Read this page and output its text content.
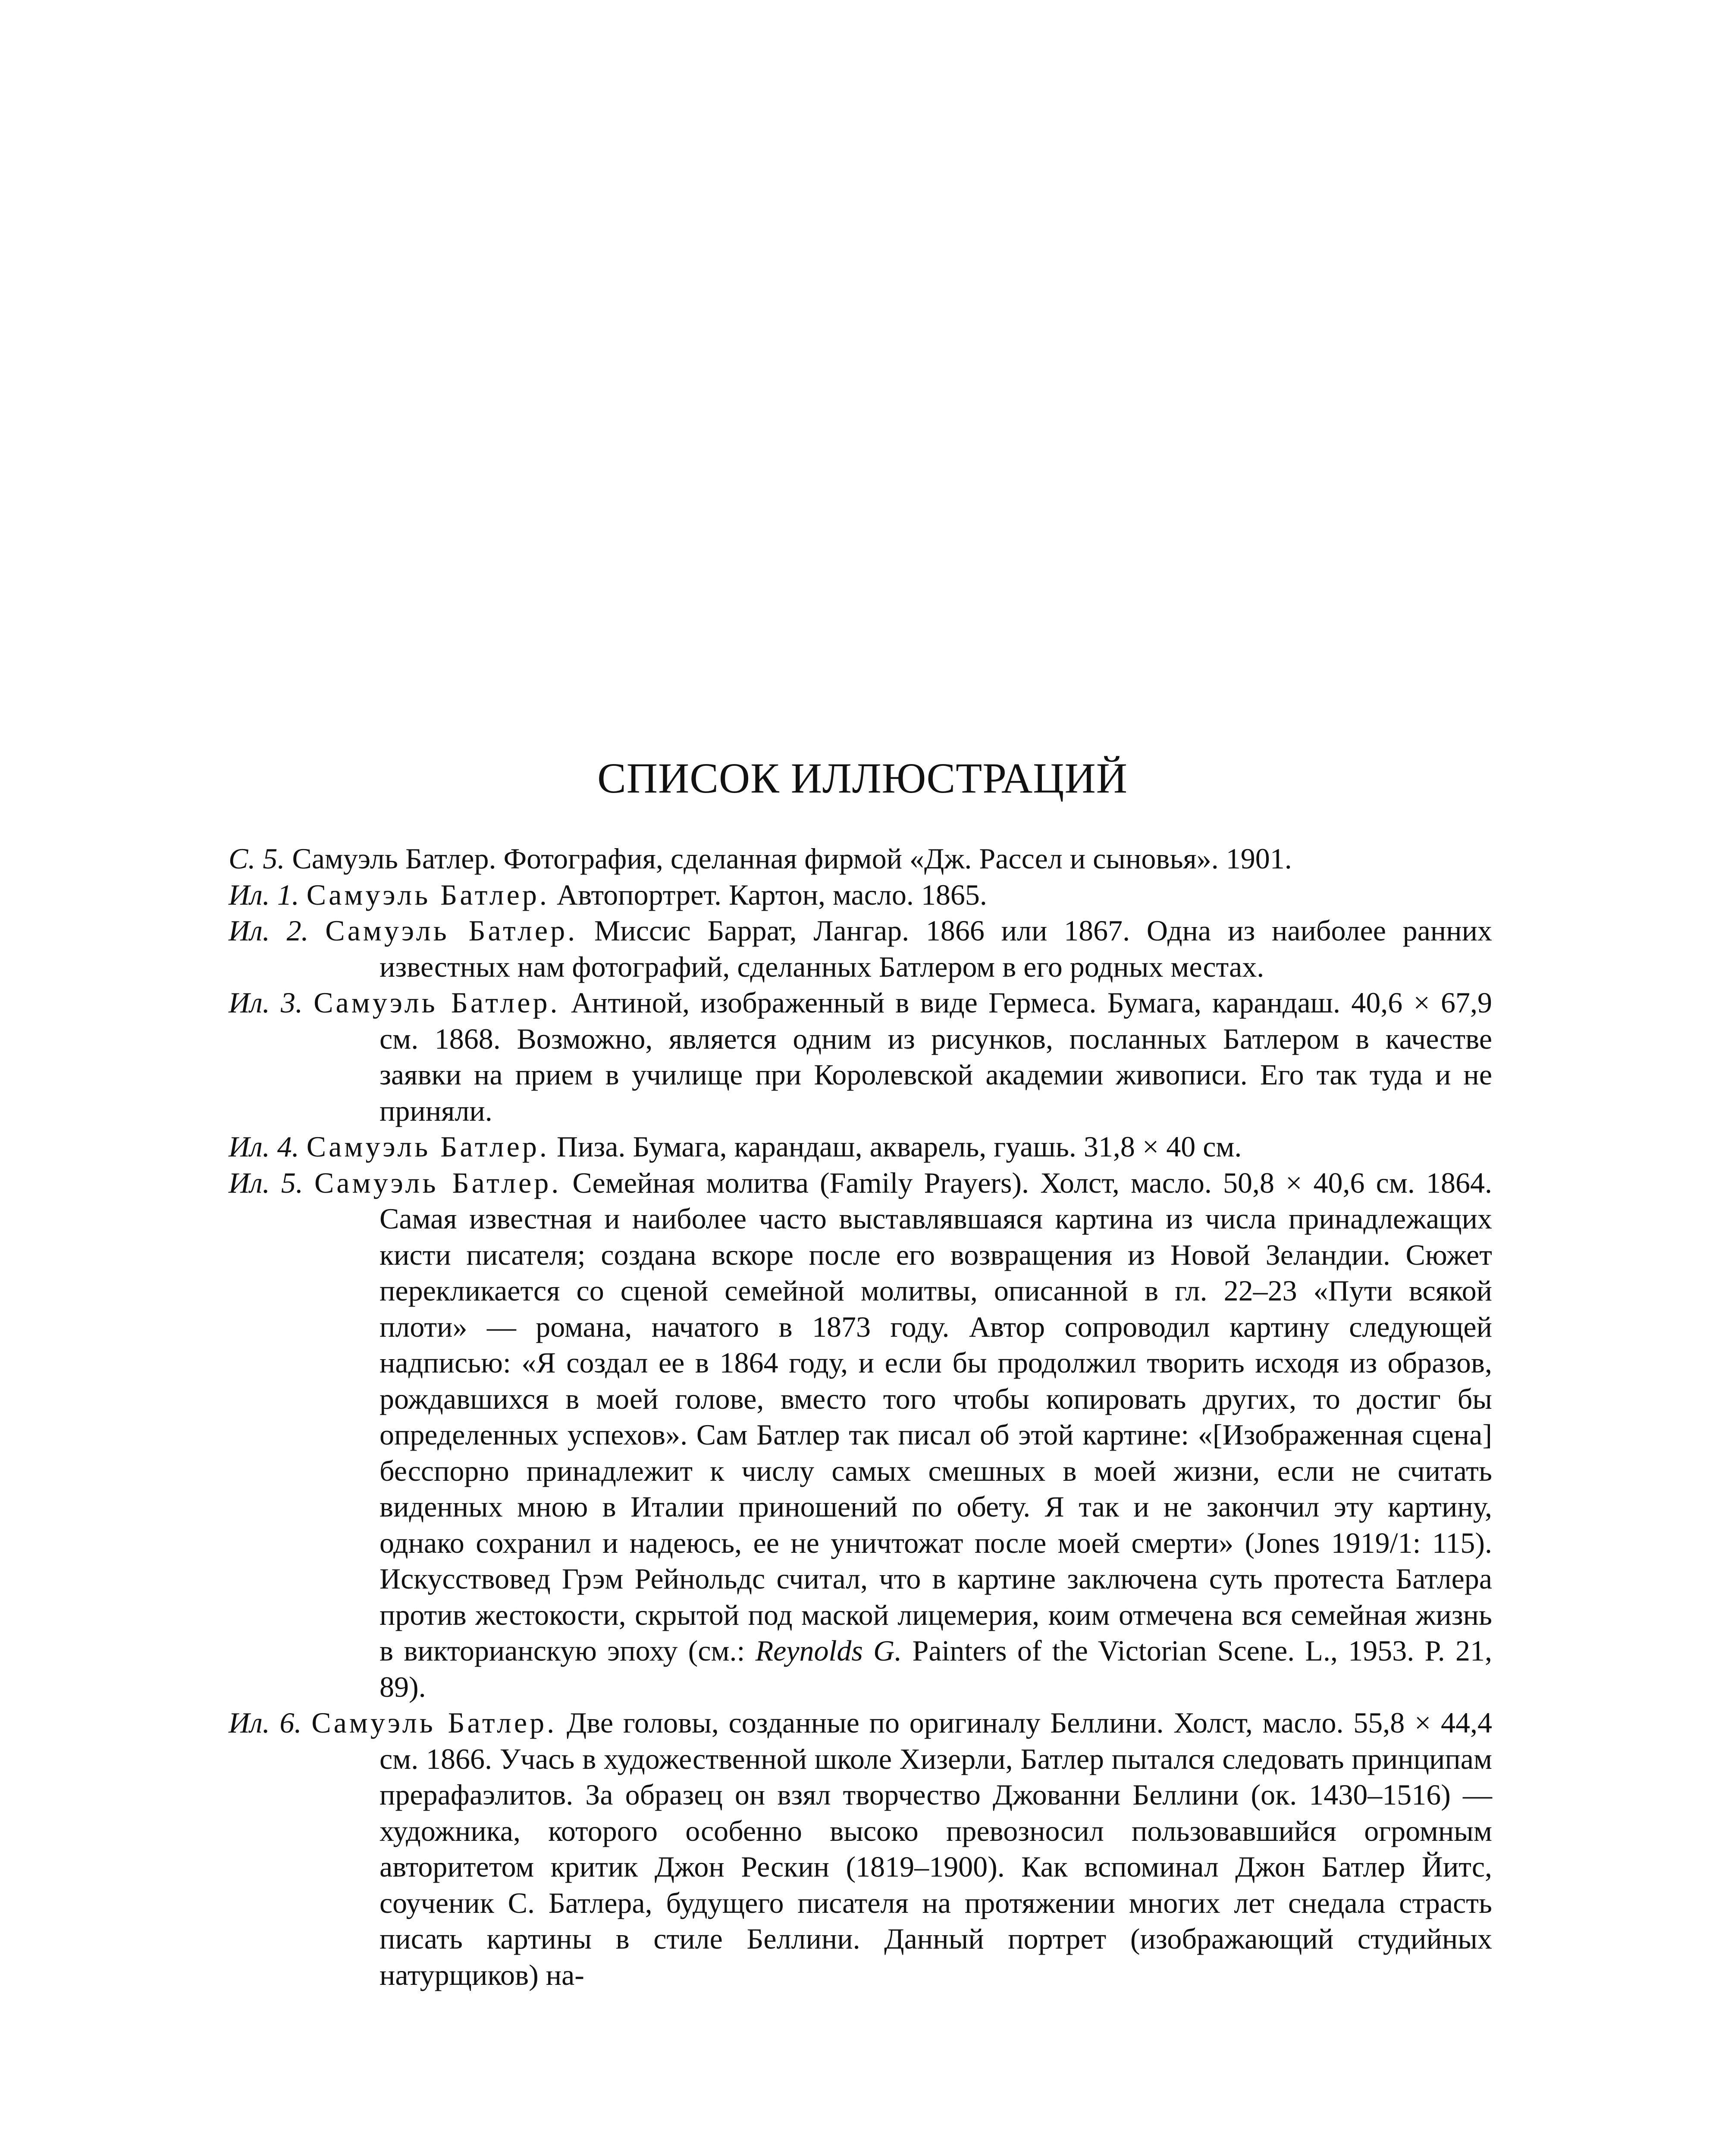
СПИСОК ИЛЛЮСТРАЦИЙ

С. 5. Самуэль Батлер. Фотография, сделанная фирмой «Дж. Рассел и сыновья». 1901.

Ил. 1. Самуэль Батлер. Автопортрет. Картон, масло. 1865.

Ил. 2. Самуэль Батлер. Миссис Баррат, Лангар. 1866 или 1867. Одна из наиболее ранних известных нам фотографий, сделанных Батлером в его родных местах.

Ил. 3. Самуэль Батлер. Антиной, изображенный в виде Гермеса. Бумага, карандаш. 40,6 × 67,9 см. 1868. Возможно, является одним из рисунков, посланных Батлером в качестве заявки на прием в училище при Королевской академии живописи. Его так туда и не приняли.

Ил. 4. Самуэль Батлер. Пиза. Бумага, карандаш, акварель, гуашь. 31,8 × 40 см.

Ил. 5. Самуэль Батлер. Семейная молитва (Family Prayers). Холст, масло. 50,8 × 40,6 см. 1864. Самая известная и наиболее часто выставлявшаяся картина из числа принадлежащих кисти писателя; создана вскоре после его возвращения из Новой Зеландии. Сюжет перекликается со сценой семейной молитвы, описанной в гл. 22–23 «Пути всякой плоти» — романа, начатого в 1873 году. Автор сопроводил картину следующей надписью: «Я создал ее в 1864 году, и если бы продолжил творить исходя из образов, рождавшихся в моей голове, вместо того чтобы копировать других, то достиг бы определенных успехов». Сам Батлер так писал об этой картине: «[Изображенная сцена] бесспорно принадлежит к числу самых смешных в моей жизни, если не считать виденных мною в Италии приношений по обету. Я так и не закончил эту картину, однако сохранил и надеюсь, ее не уничтожат после моей смерти» (Jones 1919/1: 115). Искусствовед Грэм Рейнольдс считал, что в картине заключена суть протеста Батлера против жестокости, скрытой под маской лицемерия, коим отмечена вся семейная жизнь в викторианскую эпоху (см.: Reynolds G. Painters of the Victorian Scene. L., 1953. P. 21, 89).

Ил. 6. Самуэль Батлер. Две головы, созданные по оригиналу Беллини. Холст, масло. 55,8 × 44,4 см. 1866. Учась в художественной школе Хизерли, Батлер пытался следовать принципам прерафаэлитов. За образец он взял творчество Джованни Беллини (ок. 1430–1516) — художника, которого особенно высоко превозносил пользовавшийся огромным авторитетом критик Джон Рескин (1819–1900). Как вспоминал Джон Батлер Йитс, соученик С. Батлера, будущего писателя на протяжении многих лет снедала страсть писать картины в стиле Беллини. Данный портрет (изображающий студийных натурщиков) на-
